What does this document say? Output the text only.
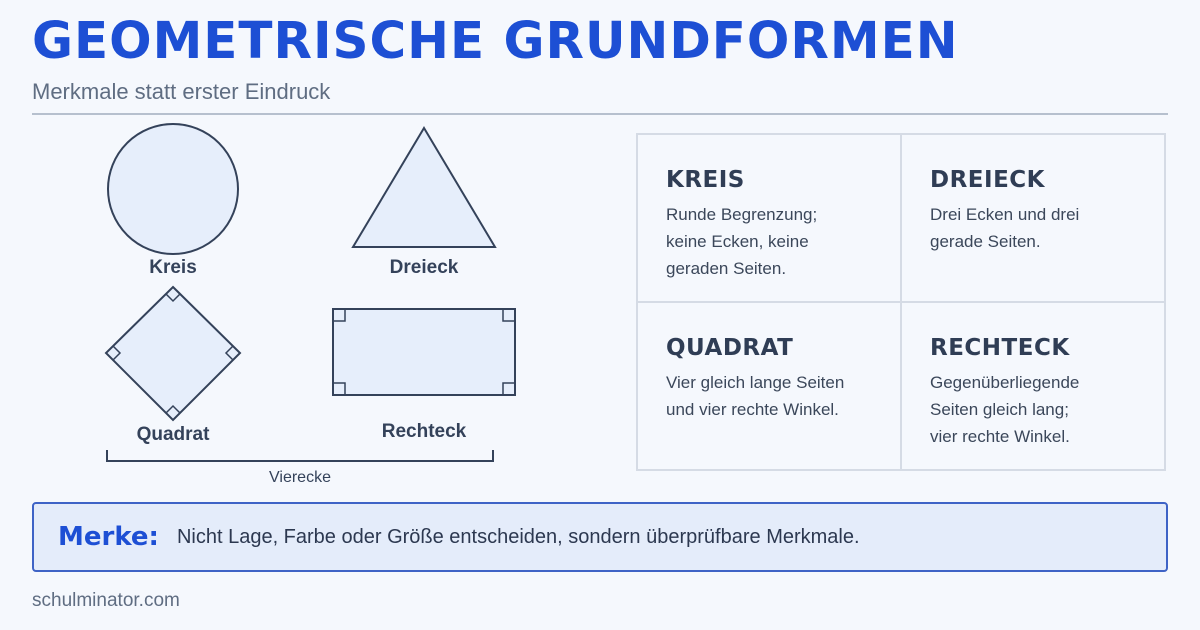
GEOMETRISCHE GRUNDFORMEN
Merkmale statt erster Eindruck
Kreis	Dreieck
Quadrat	Rechteck
Vierecke
KREIS

Runde Begrenzung;
keine Ecken, keine
geraden Seiten.

DREIECK

Drei Ecken und drei
gerade Seiten.

QUADRAT

Vier gleich lange Seiten
und vier rechte Winkel.

RECHTECK

Gegenüberliegende
Seiten gleich lang;
vier rechte Winkel.

Merke: Nicht Lage, Farbe oder Größe entscheiden, sondern überprüfbare Merkmale.
schulminator.com
